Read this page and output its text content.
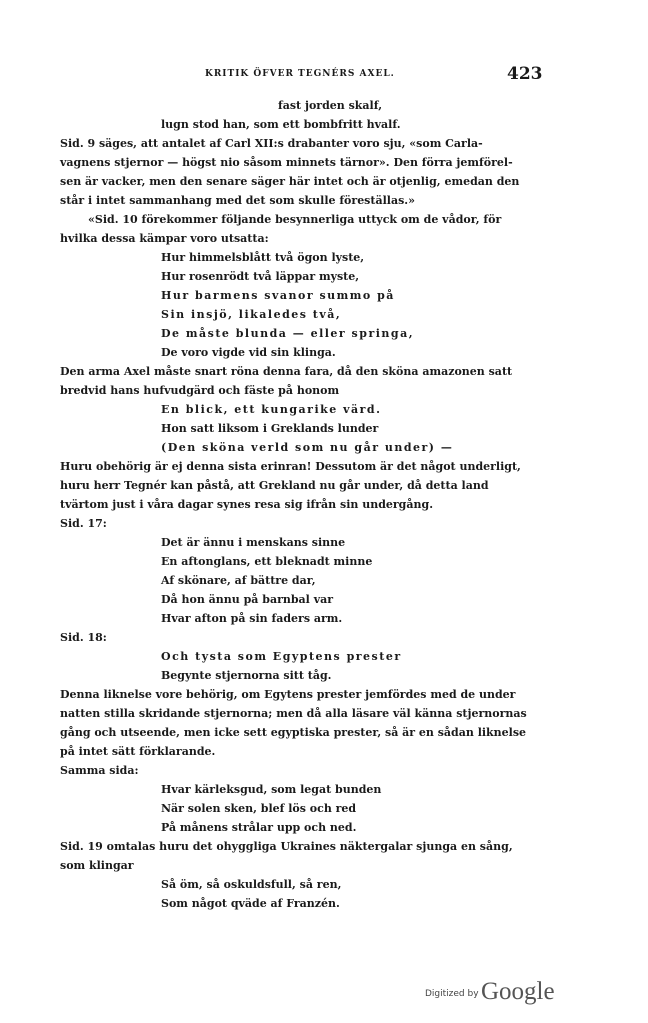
KRITIK ÖFVER TEGNÉRS AXEL.	423
fast jorden skalf,
lugn stod han, som ett bombfritt hvalf.
Sid. 9 säges, att antalet af Carl XII:s drabanter voro sju, «som Carla-
vagnens stjernor — högst nio såsom minnets tärnor». Den förra jemförel-
sen är vacker, men den senare säger här intet och är otjenlig, emedan den
står i intet sammanhang med det som skulle föreställas.»
«Sid. 10 förekommer följande besynnerliga uttyck om de vådor, för
hvilka dessa kämpar voro utsatta:
Hur himmelsblått två ögon lyste,
Hur rosenrödt två läppar myste,
Hur barmens svanor summo på
Sin insjö, likaledes två,
De måste blunda — eller springa,
De voro vigde vid sin klinga.
Den arma Axel måste snart röna denna fara, då den sköna amazonen satt
bredvid hans hufvudgärd och fäste på honom
En blick, ett kungarike värd.
Hon satt liksom i Greklands lunder
(Den sköna verld som nu går under) —
Huru obehörig är ej denna sista erinran! Dessutom är det något underligt,
huru herr Tegnér kan påstå, att Grekland nu går under, då detta land
tvärtom just i våra dagar synes resa sig ifrån sin undergång.
Sid. 17:
Det är ännu i menskans sinne
En aftonglans, ett bleknadt minne
Af skönare, af bättre dar,
Då hon ännu på barnbal var
Hvar afton på sin faders arm.
Sid. 18:
Och tysta som Egyptens prester
Begynte stjernorna sitt tåg.
Denna liknelse vore behörig, om Egytens prester jemfördes med de under
natten stilla skridande stjernorna; men då alla läsare väl känna stjernornas
gång och utseende, men icke sett egyptiska prester, så är en sådan liknelse
på intet sätt förklarande.
Samma sida:
Hvar kärleksgud, som legat bunden
När solen sken, blef lös och red
På månens strålar upp och ned.
Sid. 19 omtalas huru det ohyggliga Ukraines näktergalar sjunga en sång,
som klingar
Så öm, så oskuldsfull, så ren,
Som något qväde af Franzén.
Digitized by Google
